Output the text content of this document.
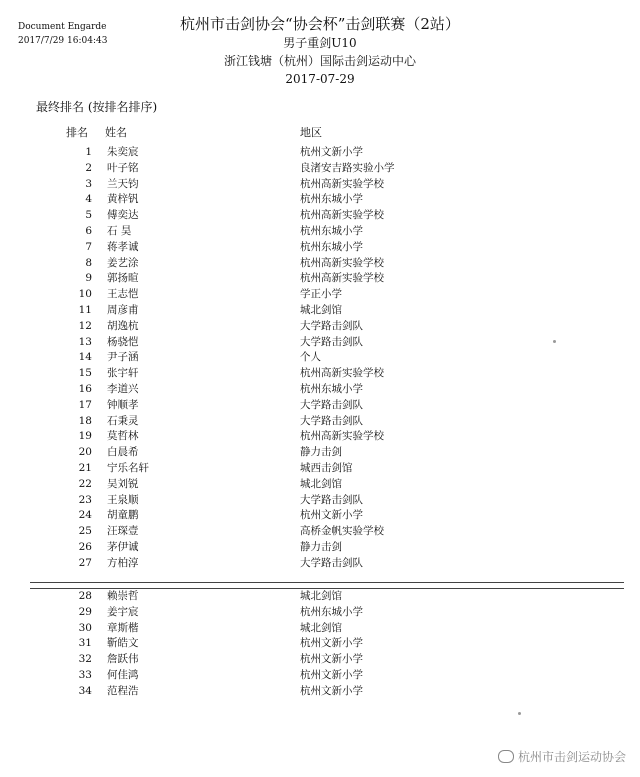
Document Engarde
2017/7/29 16:04:43
杭州市击剑协会“协会杯”击剑联赛（2站）
男子重剑U10
浙江钱塘（杭州）国际击剑运动中心
2017-07-29
最终排名 (按排名排序)
排名 姓名	地区
1 朱奕宸	杭州文新小学
2 叶子铭	良渚安吉路实验小学
3 兰天钧	杭州高新实验学校
4 黄梓钒	杭州东城小学
5 傅奕达	杭州高新实验学校
6 石 昊	杭州东城小学
7 蒋孝诚	杭州东城小学
8 姜艺涂	杭州高新实验学校
9 郭扬暄	杭州高新实验学校
10 王志恺	学正小学
11 周彦甫	城北剑馆
12 胡逸杭	大学路击剑队
13 杨骁恺	大学路击剑队
14 尹子涵	个人
15 张宇轩	杭州高新实验学校
16 李道兴	杭州东城小学
17 钟顺孝	大学路击剑队
18 石秉灵	大学路击剑队
19 莫哲林	杭州高新实验学校
20 白晨希	静力击剑
21 宁乐名轩	城西击剑馆
22 吴刘锐	城北剑馆
23 王泉顺	大学路击剑队
24 胡童鹏	杭州文新小学
25 汪琛壹	高桥金帆实验学校
26 茅伊诚	静力击剑
27 方柏淳	大学路击剑队
28 赖崇哲	城北剑馆
29 姜宇宸	杭州东城小学
30 章斯楷	城北剑馆
31 靳皓文	杭州文新小学
32 詹跃伟	杭州文新小学
33 何佳鸿	杭州文新小学
34 范程浩	杭州文新小学
杭州市击剑运动协会
